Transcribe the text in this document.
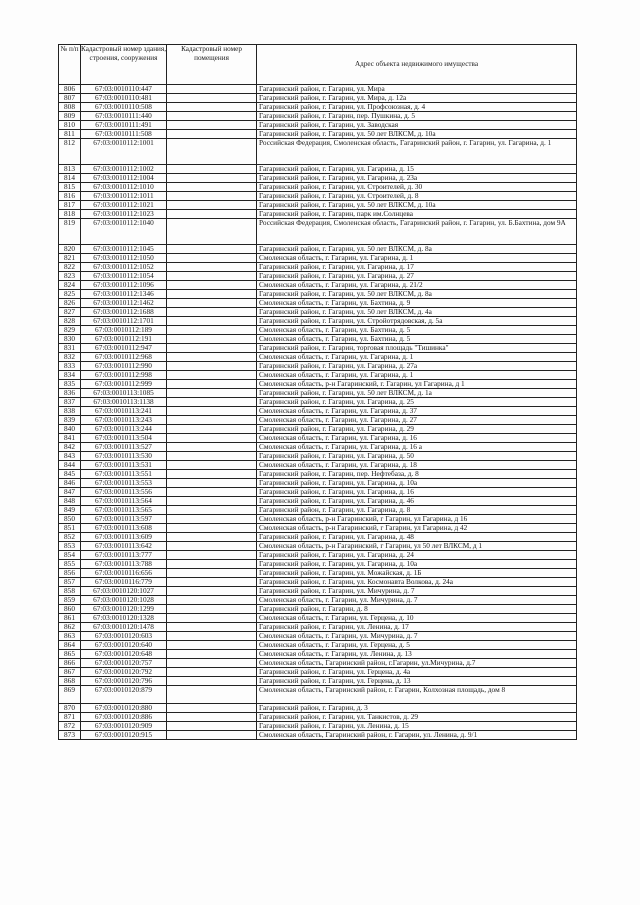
№ п/п	Кадастровый номер здания, строения, сооружения	Кадастровый номер помещения	Адрес объекта недвижимого имущества
806	67:03:0010110:447		Гагаринский район, г. Гагарин, ул. Мира
807	67:03:0010110:481		Гагаринский район, г. Гагарин, ул. Мира, д. 12а
808	67:03:0010110:508		Гагаринский район, г. Гагарин, ул. Профсоюзная, д. 4
809	67:03:0010111:440		Гагаринский район, г. Гагарин, пер. Пушкина, д. 5
810	67:03:0010111:491		Гагаринский район, г. Гагарин, ул. Заводская
811	67:03:0010111:508		Гагаринский район, г. Гагарин, ул. 50 лет ВЛКСМ, д. 10а
812	67:03:0010112:1001		Российская Федерация, Смоленская область, Гагаринский район, г. Гагарин, ул. Гагарина, д. 1
813	67:03:0010112:1002		Гагаринский район, г. Гагарин, ул. Гагарина, д. 15
814	67:03:0010112:1004		Гагаринский район, г. Гагарин, ул. Гагарина, д. 23а
815	67:03:0010112:1010		Гагаринский район, г. Гагарин, ул. Строителей, д. 30
816	67:03:0010112:1011		Гагаринский район, г. Гагарин, ул. Строителей, д. 8
817	67:03:0010112:1021		Гагаринский район, г. Гагарин, ул. 50 лет ВЛКСМ, д. 10а
818	67:03:0010112:1023		Гагаринский район, г. Гагарин, парк им.Солнцева
819	67:03:0010112:1040		Российская Федерация, Смоленская область, Гагаринский район, г. Гагарин, ул. Б.Бахтина, дом 9А
820	67:03:0010112:1045		Гагаринский район, г. Гагарин, ул. 50 лет ВЛКСМ, д. 8а
821	67:03:0010112:1050		Смоленская область, г. Гагарин, ул. Гагарина, д. 1
822	67:03:0010112:1052		Гагаринский район, г. Гагарин, ул. Гагарина, д. 17
823	67:03:0010112:1054		Гагаринский район, г. Гагарин, ул. Гагарина, д. 27
824	67:03:0010112:1096		Смоленская область, г. Гагарин, ул. Гагарина, д. 21/2
825	67:03:0010112:1346		Гагаринский район, г. Гагарин, ул. 50 лет ВЛКСМ, д. 8а
826	67:03:0010112:1462		Смоленская область, г. Гагарин, ул. Бахтина, д. 9
827	67:03:0010112:1688		Гагаринский район, г. Гагарин, ул. 50 лет ВЛКСМ, д. 4а
828	67:03:0010112:1701		Гагаринский район, г. Гагарин, ул. Стройотрядовская, д. 5а
829	67:03:0010112:189		Смоленская область, г. Гагарин, ул. Бахтина, д. 5
830	67:03:0010112:191		Смоленская область, г. Гагарин, ул. Бахтина, д. 5
831	67:03:0010112:947		Гагаринский район, г. Гагарин, торговая площадь "Тишинка"
832	67:03:0010112:968		Смоленская область, г. Гагарин, ул. Гагарина, д. 1
833	67:03:0010112:990		Гагаринский район, г. Гагарин, ул. Гагарина, д. 27а
834	67:03:0010112:998		Смоленская область, г. Гагарин, ул. Гагарина, д. 1
835	67:03:0010112:999		Смоленская область, р-н Гагаринский, г. Гагарин, ул Гагарина, д 1
836	67:03:0010113:1085		Гагаринский район, г. Гагарин, ул. 50 лет ВЛКСМ, д. 1а
837	67:03:0010113:1138		Гагаринский район, г. Гагарин, ул. Гагарина, д. 25
838	67:03:0010113:241		Смоленская область, г. Гагарин, ул. Гагарина, д. 37
839	67:03:0010113:243		Смоленская область, г. Гагарин, ул. Гагарина, д. 27
840	67:03:0010113:244		Гагаринский район, г. Гагарин, ул. Гагарина, д. 29
841	67:03:0010113:504		Смоленская область, г. Гагарин, ул. Гагарина, д. 16
842	67:03:0010113:527		Смоленская область, г. Гагарин, ул. Гагарина, д. 16 а
843	67:03:0010113:530		Гагаринский район, г. Гагарин, ул. Гагарина, д. 50
844	67:03:0010113:531		Смоленская область, г. Гагарин, ул. Гагарина, д. 18
845	67:03:0010113:551		Гагаринский район, г. Гагарин, пер. Нефтебаза, д. 8
846	67:03:0010113:553		Гагаринский район, г. Гагарин, ул. Гагарина, д. 10а
847	67:03:0010113:556		Гагаринский район, г. Гагарин, ул. Гагарина, д. 16
848	67:03:0010113:564		Гагаринский район, г. Гагарин, ул. Гагарина, д. 46
849	67:03:0010113:565		Гагаринский район, г. Гагарин, ул. Гагарина, д. 8
850	67:03:0010113:597		Смоленская область, р-н Гагаринский, г Гагарин, ул Гагарина, д 16
851	67:03:0010113:608		Смоленская область, р-н Гагаринский, г Гагарин, ул Гагарина, д 42
852	67:03:0010113:609		Гагаринский район, г. Гагарин, ул. Гагарина, д. 48
853	67:03:0010113:642		Смоленская область, р-н Гагаринский, г Гагарин, ул 50 лет ВЛКСМ, д 1
854	67:03:0010113:777		Гагаринский район, г. Гагарин, ул. Гагарина, д. 24
855	67:03:0010113:788		Гагаринский район, г. Гагарин, ул. Гагарина, д. 10а
856	67:03:0010116:656		Гагаринский район, г. Гагарин, ул. Можайская, д. 1Б
857	67:03:0010116:779		Гагаринский район, г. Гагарин, ул. Космонавта Волкова, д. 24а
858	67:03:0010120:1027		Гагаринский район, г. Гагарин, ул. Мичурина, д. 7
859	67:03:0010120:1028		Смоленская область, г. Гагарин, ул. Мичурина, д. 7
860	67:03:0010120:1299		Гагаринский район, г. Гагарин, д. 8
861	67:03:0010120:1328		Смоленская область, г. Гагарин, ул. Герцена, д. 10
862	67:03:0010120:1478		Гагаринский район, г. Гагарин, ул. Ленина, д. 17
863	67:03:0010120:603		Смоленская область, г. Гагарин, ул. Мичурина, д. 7
864	67:03:0010120:640		Смоленская область, г. Гагарин, ул. Герцена, д. 5
865	67:03:0010120:648		Смоленская область, г. Гагарин, ул. Ленина, д. 13
866	67:03:0010120:757		Смоленская область, Гагаринский район, г.Гагарин, ул.Мичурина, д.7
867	67:03:0010120:792		Гагаринский район, г. Гагарин, ул. Герцена, д. 4а
868	67:03:0010120:796		Гагаринский район, г. Гагарин, ул. Герцена, д. 13
869	67:03:0010120:879		Смоленская область, Гагаринский район, г. Гагарин, Колхозная площадь, дом 8
870	67:03:0010120:880		Гагаринский район, г. Гагарин, д. 3
871	67:03:0010120:886		Гагаринский район, г. Гагарин, ул. Танкистов, д. 29
872	67:03:0010120:909		Гагаринский район, г. Гагарин, ул. Ленина, д. 15
873	67:03:0010120:915		Смоленская область, Гагаринский район, г. Гагарин, ул. Ленина, д. 9/1
